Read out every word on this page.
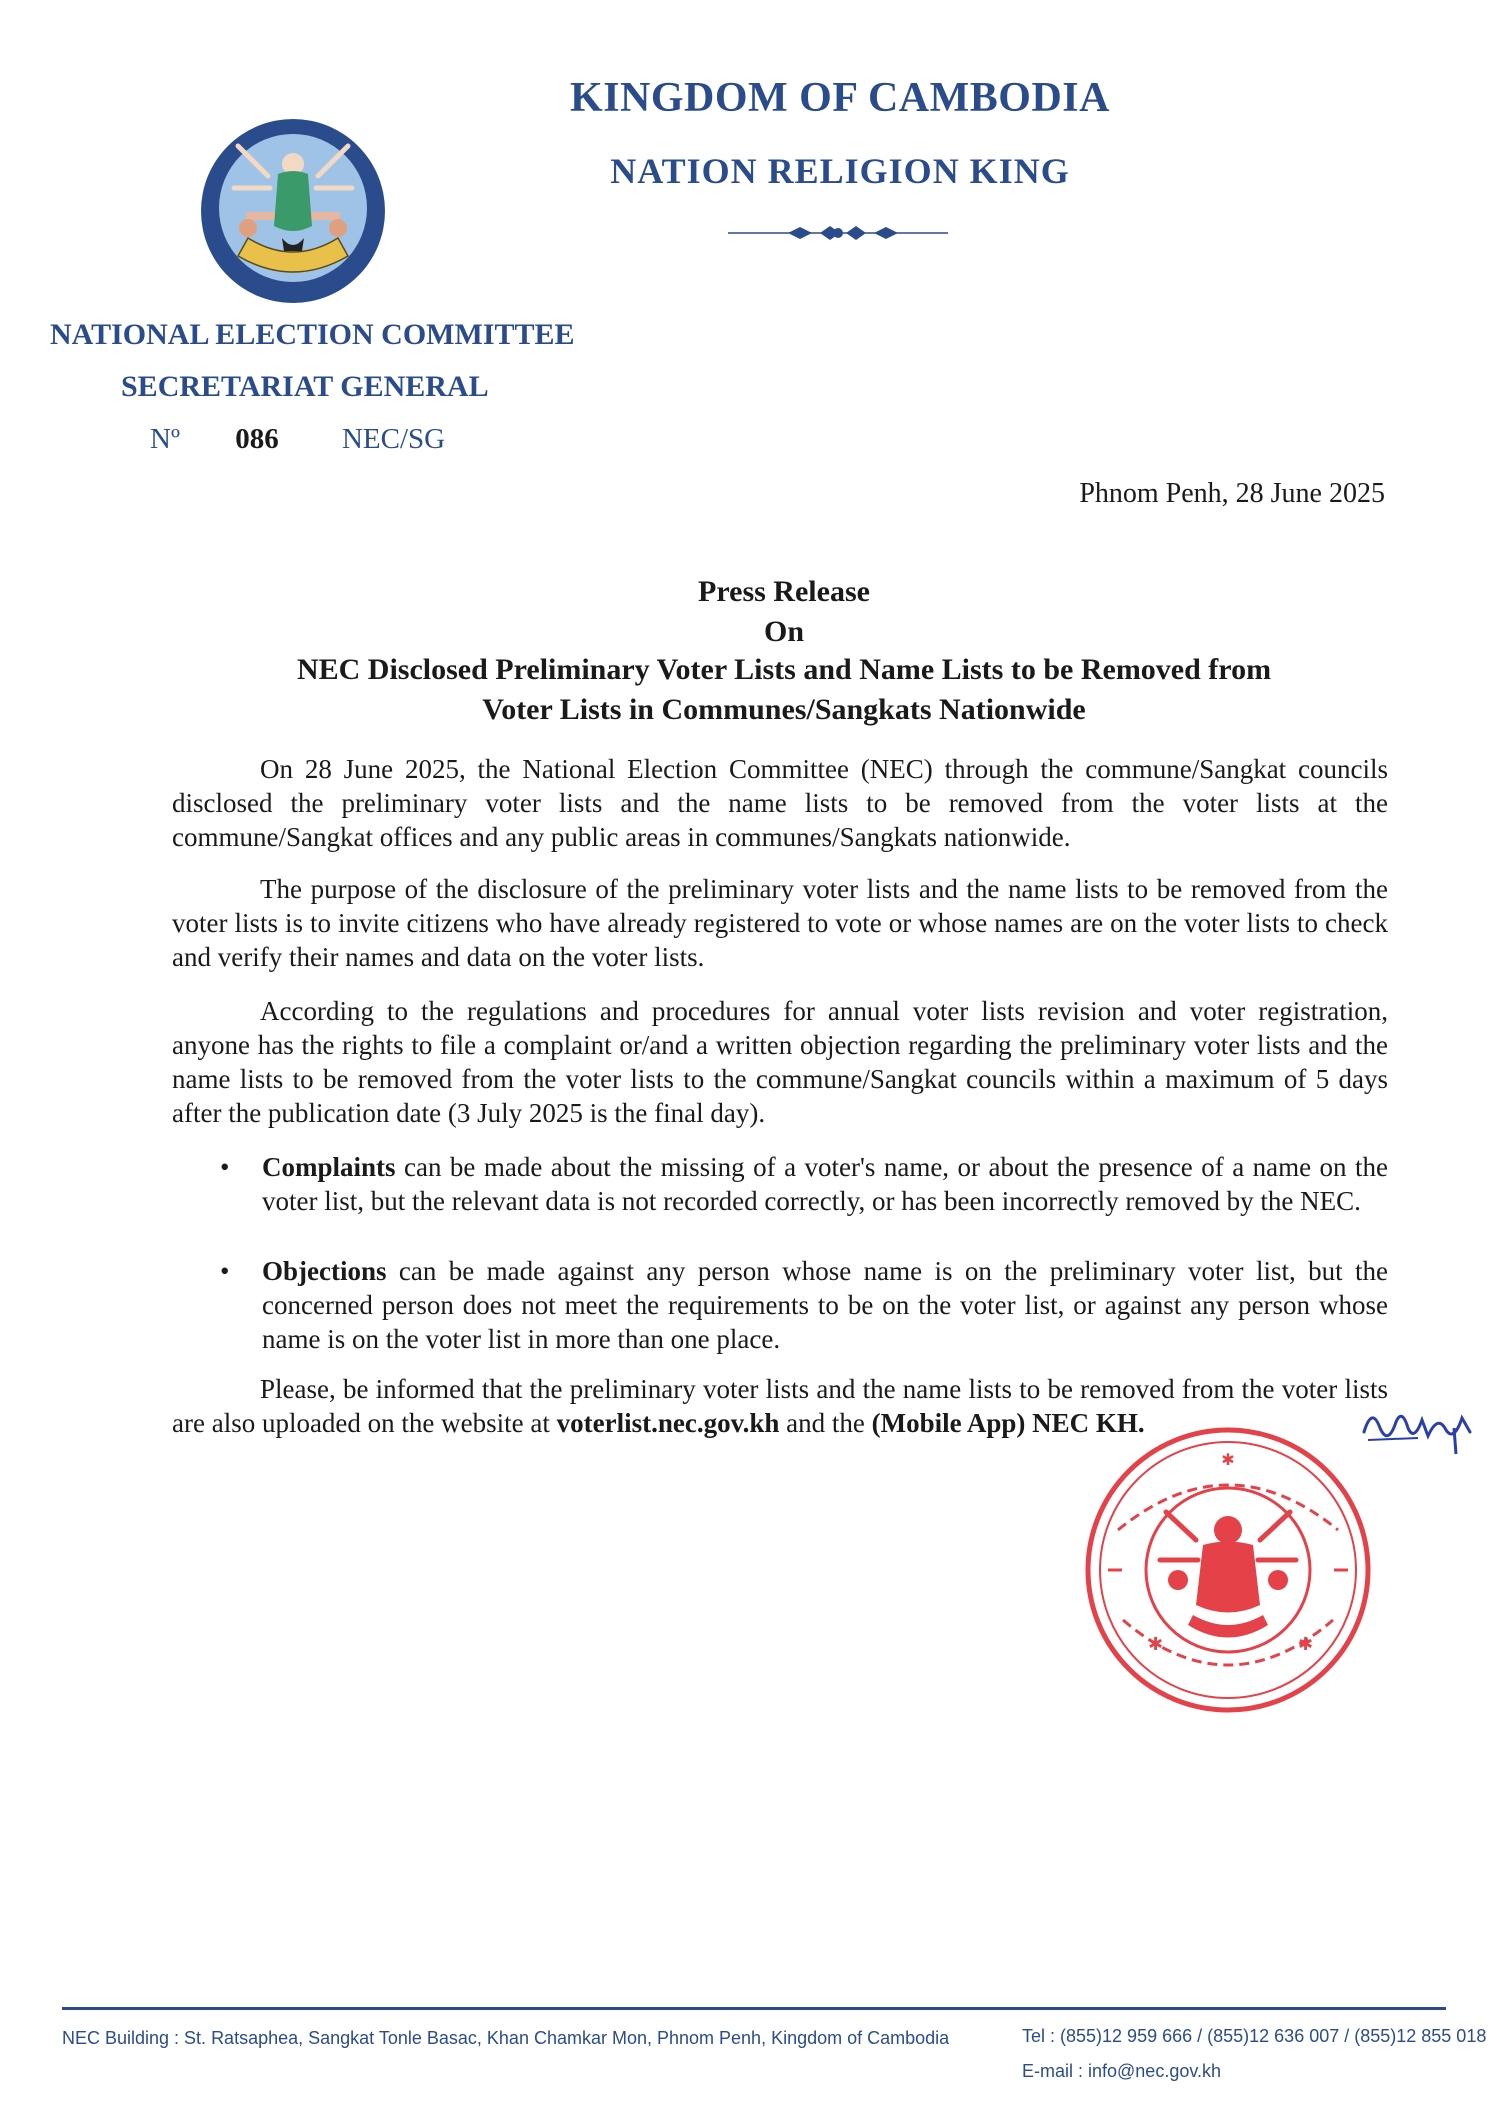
KINGDOM OF CAMBODIA
NATION RELIGION KING
NATIONAL ELECTION COMMITTEE
SECRETARIAT GENERAL
Nº 086 NEC/SG
Phnom Penh, 28 June 2025
Press Release
On
NEC Disclosed Preliminary Voter Lists and Name Lists to be Removed from
Voter Lists in Communes/Sangkats Nationwide
On 28 June 2025, the National Election Committee (NEC) through the commune/Sangkat councils disclosed the preliminary voter lists and the name lists to be removed from the voter lists at the commune/Sangkat offices and any public areas in communes/Sangkats nationwide.
The purpose of the disclosure of the preliminary voter lists and the name lists to be removed from the voter lists is to invite citizens who have already registered to vote or whose names are on the voter lists to check and verify their names and data on the voter lists.
According to the regulations and procedures for annual voter lists revision and voter registration, anyone has the rights to file a complaint or/and a written objection regarding the preliminary voter lists and the name lists to be removed from the voter lists to the commune/Sangkat councils within a maximum of 5 days after the publication date (3 July 2025 is the final day).
• Complaints can be made about the missing of a voter's name, or about the presence of a name on the voter list, but the relevant data is not recorded correctly, or has been incorrectly removed by the NEC.
• Objections can be made against any person whose name is on the preliminary voter list, but the concerned person does not meet the requirements to be on the voter list, or against any person whose name is on the voter list in more than one place.
Please, be informed that the preliminary voter lists and the name lists to be removed from the voter lists are also uploaded on the website at voterlist.nec.gov.kh and the (Mobile App) NEC KH.
✱
✱	✱
NEC Building : St. Ratsaphea, Sangkat Tonle Basac, Khan Chamkar Mon, Phnom Penh, Kingdom of Cambodia	Tel : (855)12 959 666 / (855)12 636 007 / (855)12 855 018
E-mail : info@nec.gov.kh
